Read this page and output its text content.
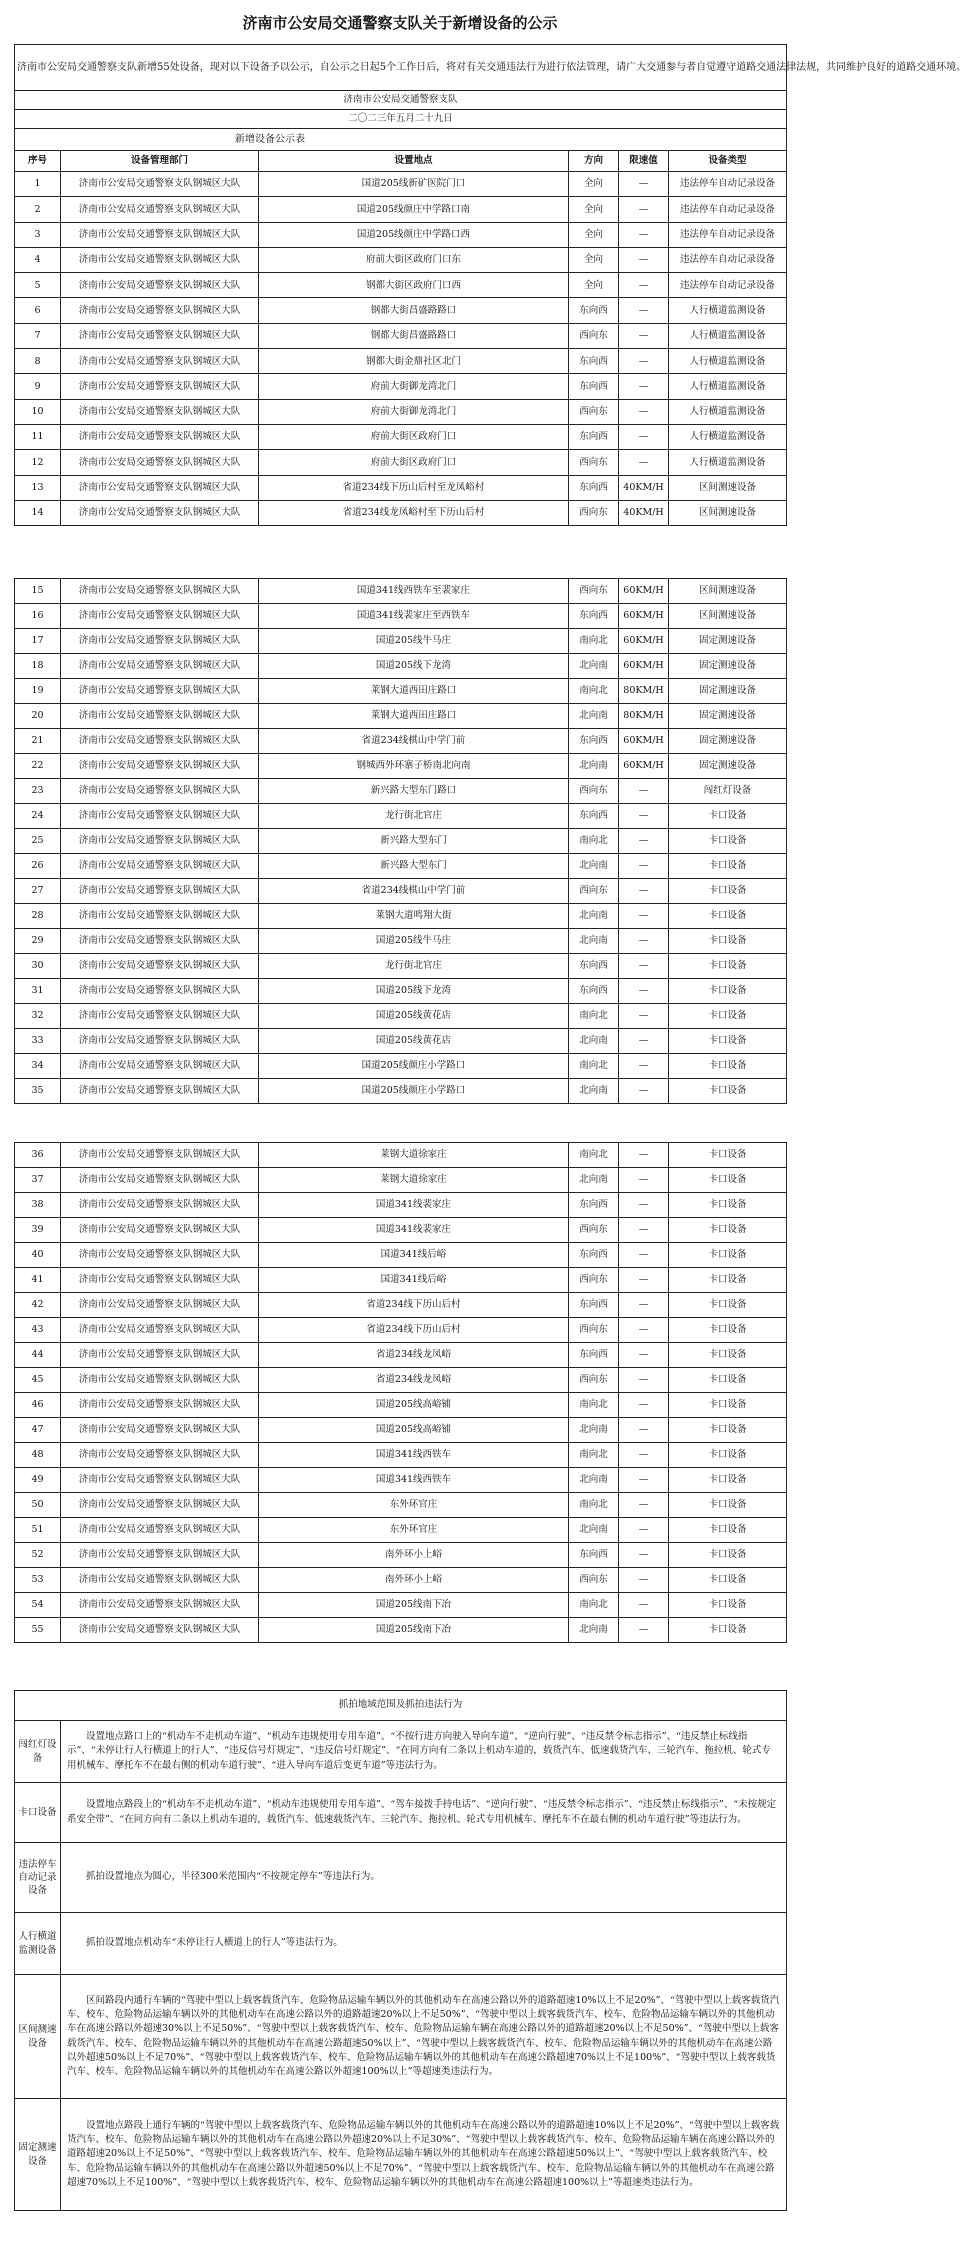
济南市公安局交通警察支队关于新增设备的公示
济南市公安局交通警察支队新增55处设备，现对以下设备予以公示，自公示之日起5个工作日后，将对有关交通违法行为进行依法管理，请广大交通参与者自觉遵守道路交通法律法规，共同维护良好的道路交通环境。					
济南市公安局交通警察支队					
二〇二三年五月二十九日					
新增设备公示表					
序号	设备管理部门	设置地点	方向	限速值	设备类型
1	济南市公安局交通警察支队钢城区大队	国道205线新矿医院门口	全向	—	违法停车自动记录设备
2	济南市公安局交通警察支队钢城区大队	国道205线颜庄中学路口南	全向	—	违法停车自动记录设备
3	济南市公安局交通警察支队钢城区大队	国道205线颜庄中学路口西	全向	—	违法停车自动记录设备
4	济南市公安局交通警察支队钢城区大队	府前大街区政府门口东	全向	—	违法停车自动记录设备
5	济南市公安局交通警察支队钢城区大队	钢都大街区政府门口西	全向	—	违法停车自动记录设备
6	济南市公安局交通警察支队钢城区大队	钢都大街昌盛路路口	东向西	—	人行横道监测设备
7	济南市公安局交通警察支队钢城区大队	钢都大街昌盛路路口	西向东	—	人行横道监测设备
8	济南市公安局交通警察支队钢城区大队	钢都大街金鼎社区北门	东向西	—	人行横道监测设备
9	济南市公安局交通警察支队钢城区大队	府前大街御龙湾北门	东向西	—	人行横道监测设备
10	济南市公安局交通警察支队钢城区大队	府前大街御龙湾北门	西向东	—	人行横道监测设备
11	济南市公安局交通警察支队钢城区大队	府前大街区政府门口	东向西	—	人行横道监测设备
12	济南市公安局交通警察支队钢城区大队	府前大街区政府门口	西向东	—	人行横道监测设备
13	济南市公安局交通警察支队钢城区大队	省道234线下历山后村至龙凤峪村	东向西	40KM/H	区间测速设备
14	济南市公安局交通警察支队钢城区大队	省道234线龙凤峪村至下历山后村	西向东	40KM/H	区间测速设备
15	济南市公安局交通警察支队钢城区大队	国道341线西铁车至裴家庄	西向东	60KM/H	区间测速设备
16	济南市公安局交通警察支队钢城区大队	国道341线裴家庄至西铁车	东向西	60KM/H	区间测速设备
17	济南市公安局交通警察支队钢城区大队	国道205线牛马庄	南向北	60KM/H	固定测速设备
18	济南市公安局交通警察支队钢城区大队	国道205线下龙湾	北向南	60KM/H	固定测速设备
19	济南市公安局交通警察支队钢城区大队	莱钢大道西田庄路口	南向北	80KM/H	固定测速设备
20	济南市公安局交通警察支队钢城区大队	莱钢大道西田庄路口	北向南	80KM/H	固定测速设备
21	济南市公安局交通警察支队钢城区大队	省道234线棋山中学门前	东向西	60KM/H	固定测速设备
22	济南市公安局交通警察支队钢城区大队	钢城西外环寨子桥南北向南	北向南	60KM/H	固定测速设备
23	济南市公安局交通警察支队钢城区大队	新兴路大型东门路口	西向东	—	闯红灯设备
24	济南市公安局交通警察支队钢城区大队	龙行街北官庄	东向西	—	卡口设备
25	济南市公安局交通警察支队钢城区大队	新兴路大型东门	南向北	—	卡口设备
26	济南市公安局交通警察支队钢城区大队	新兴路大型东门	北向南	—	卡口设备
27	济南市公安局交通警察支队钢城区大队	省道234线棋山中学门前	西向东	—	卡口设备
28	济南市公安局交通警察支队钢城区大队	莱钢大道鸣翔大街	北向南	—	卡口设备
29	济南市公安局交通警察支队钢城区大队	国道205线牛马庄	北向南	—	卡口设备
30	济南市公安局交通警察支队钢城区大队	龙行街北官庄	东向西	—	卡口设备
31	济南市公安局交通警察支队钢城区大队	国道205线下龙湾	东向西	—	卡口设备
32	济南市公安局交通警察支队钢城区大队	国道205线黄花店	南向北	—	卡口设备
33	济南市公安局交通警察支队钢城区大队	国道205线黄花店	北向南	—	卡口设备
34	济南市公安局交通警察支队钢城区大队	国道205线颜庄小学路口	南向北	—	卡口设备
35	济南市公安局交通警察支队钢城区大队	国道205线颜庄小学路口	北向南	—	卡口设备
36	济南市公安局交通警察支队钢城区大队	莱钢大道徐家庄	南向北	—	卡口设备
37	济南市公安局交通警察支队钢城区大队	莱钢大道徐家庄	北向南	—	卡口设备
38	济南市公安局交通警察支队钢城区大队	国道341线裴家庄	东向西	—	卡口设备
39	济南市公安局交通警察支队钢城区大队	国道341线裴家庄	西向东	—	卡口设备
40	济南市公安局交通警察支队钢城区大队	国道341线后峪	东向西	—	卡口设备
41	济南市公安局交通警察支队钢城区大队	国道341线后峪	西向东	—	卡口设备
42	济南市公安局交通警察支队钢城区大队	省道234线下历山后村	东向西	—	卡口设备
43	济南市公安局交通警察支队钢城区大队	省道234线下历山后村	西向东	—	卡口设备
44	济南市公安局交通警察支队钢城区大队	省道234线龙凤峪	东向西	—	卡口设备
45	济南市公安局交通警察支队钢城区大队	省道234线龙凤峪	西向东	—	卡口设备
46	济南市公安局交通警察支队钢城区大队	国道205线高峪铺	南向北	—	卡口设备
47	济南市公安局交通警察支队钢城区大队	国道205线高峪铺	北向南	—	卡口设备
48	济南市公安局交通警察支队钢城区大队	国道341线西铁车	南向北	—	卡口设备
49	济南市公安局交通警察支队钢城区大队	国道341线西铁车	北向南	—	卡口设备
50	济南市公安局交通警察支队钢城区大队	东外环官庄	南向北	—	卡口设备
51	济南市公安局交通警察支队钢城区大队	东外环官庄	北向南	—	卡口设备
52	济南市公安局交通警察支队钢城区大队	南外环小上峪	东向西	—	卡口设备
53	济南市公安局交通警察支队钢城区大队	南外环小上峪	西向东	—	卡口设备
54	济南市公安局交通警察支队钢城区大队	国道205线南下冶	南向北	—	卡口设备
55	济南市公安局交通警察支队钢城区大队	国道205线南下冶	北向南	—	卡口设备
抓拍地域范围及抓拍违法行为	
闯红灯设备	设置地点路口上的“机动车不走机动车道”、“机动车违规使用专用车道”、“不按行进方向驶入导向车道”、“逆向行驶”、“违反禁令标志指示”、“违反禁止标线指示”、“未停让行人行横道上的行人”、“违反信号灯规定”、“违反信号灯规定”、“在同方向有二条以上机动车道的，载货汽车、低速载货汽车、三轮汽车、拖拉机、轮式专用机械车、摩托车不在最右侧的机动车道行驶”、“进入导向车道后变更车道”等违法行为。
卡口设备	设置地点路段上的“机动车不走机动车道”、“机动车违规使用专用车道”、“驾车接拨手持电话”、“逆向行驶”、“违反禁令标志指示”、“违反禁止标线指示”、“未按规定系安全带”、“在同方向有二条以上机动车道的，载货汽车、低速载货汽车、三轮汽车、拖拉机、轮式专用机械车、摩托车不在最右侧的机动车道行驶”等违法行为。
违法停车自动记录设备	抓拍设置地点为圆心，半径300米范围内“不按规定停车”等违法行为。
人行横道监测设备	抓拍设置地点机动车“未停让行人横道上的行人”等违法行为。
区间测速设备	区间路段内通行车辆的“驾驶中型以上载客载货汽车、危险物品运输车辆以外的其他机动车在高速公路以外的道路超速10%以上不足20%”、“驾驶中型以上载客载货汽车、校车、危险物品运输车辆以外的其他机动车在高速公路以外的道路超速20%以上不足50%”、“驾驶中型以上载客载货汽车、校车、危险物品运输车辆以外的其他机动车在高速公路以外超速30%以上不足50%”、“驾驶中型以上载客载货汽车、校车、危险物品运输车辆在高速公路以外的道路超速20%以上不足50%”、“驾驶中型以上载客载货汽车、校车、危险物品运输车辆以外的其他机动车在高速公路超速50%以上”、“驾驶中型以上载客载货汽车、校车、危险物品运输车辆以外的其他机动车在高速公路以外超速50%以上不足70%”、“驾驶中型以上载客载货汽车、校车、危险物品运输车辆以外的其他机动车在高速公路超速70%以上不足100%”、“驾驶中型以上载客载货汽车、校车、危险物品运输车辆以外的其他机动车在高速公路以外超速100%以上”等超速类违法行为。
固定测速设备	设置地点路段上通行车辆的“驾驶中型以上载客载货汽车、危险物品运输车辆以外的其他机动车在高速公路以外的道路超速10%以上不足20%”、“驾驶中型以上载客载货汽车、校车、危险物品运输车辆以外的其他机动车在高速公路以外超速20%以上不足30%”、“驾驶中型以上载客载货汽车、校车、危险物品运输车辆在高速公路以外的道路超速20%以上不足50%”、“驾驶中型以上载客载货汽车、校车、危险物品运输车辆以外的其他机动车在高速公路超速50%以上”、“驾驶中型以上载客载货汽车、校车、危险物品运输车辆以外的其他机动车在高速公路以外超速50%以上不足70%”、“驾驶中型以上载客载货汽车、校车、危险物品运输车辆以外的其他机动车在高速公路超速70%以上不足100%”、“驾驶中型以上载客载货汽车、校车、危险物品运输车辆以外的其他机动车在高速公路超速100%以上”等超速类违法行为。
